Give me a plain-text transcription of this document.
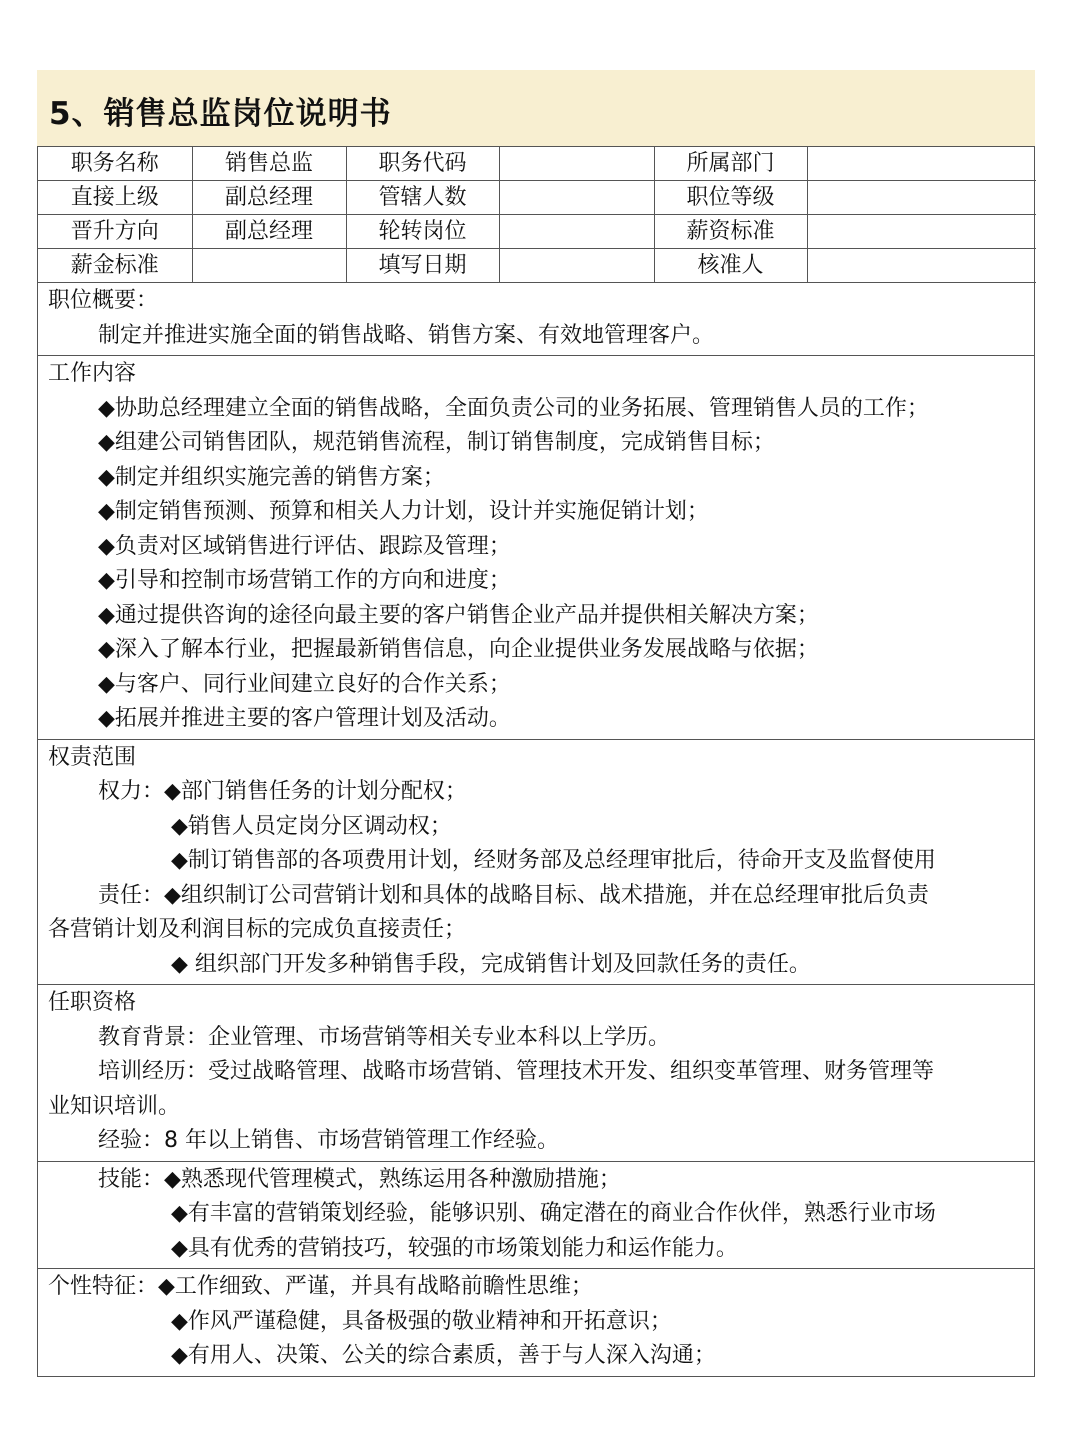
5、销售总监岗位说明书
职务名称	销售总监	职务代码		所属部门	
直接上级	副总经理	管辖人数		职位等级	
晋升方向	副总经理	轮转岗位		薪资标准	
薪金标准		填写日期		核准人	
职位概要：
制定并推进实施全面的销售战略、销售方案、有效地管理客户。
工作内容
◆协助总经理建立全面的销售战略，全面负责公司的业务拓展、管理销售人员的工作；
◆组建公司销售团队，规范销售流程，制订销售制度，完成销售目标；
◆制定并组织实施完善的销售方案；
◆制定销售预测、预算和相关人力计划，设计并实施促销计划；
◆负责对区域销售进行评估、跟踪及管理；
◆引导和控制市场营销工作的方向和进度；
◆通过提供咨询的途径向最主要的客户销售企业产品并提供相关解决方案；
◆深入了解本行业，把握最新销售信息，向企业提供业务发展战略与依据；
◆与客户、同行业间建立良好的合作关系；
◆拓展并推进主要的客户管理计划及活动。
权责范围
权力：◆部门销售任务的计划分配权；
◆销售人员定岗分区调动权；
◆制订销售部的各项费用计划，经财务部及总经理审批后，待命开支及监督使用
责任：◆组织制订公司营销计划和具体的战略目标、战术措施，并在总经理审批后负责
各营销计划及利润目标的完成负直接责任；
◆ 组织部门开发多种销售手段，完成销售计划及回款任务的责任。
任职资格
教育背景：企业管理、市场营销等相关专业本科以上学历。
培训经历：受过战略管理、战略市场营销、管理技术开发、组织变革管理、财务管理等
业知识培训。
经验：8 年以上销售、市场营销管理工作经验。
技能：◆熟悉现代管理模式，熟练运用各种激励措施；
◆有丰富的营销策划经验，能够识别、确定潜在的商业合作伙伴，熟悉行业市场
◆具有优秀的营销技巧，较强的市场策划能力和运作能力。
个性特征：◆工作细致、严谨，并具有战略前瞻性思维；
◆作风严谨稳健，具备极强的敬业精神和开拓意识；
◆有用人、决策、公关的综合素质，善于与人深入沟通；
